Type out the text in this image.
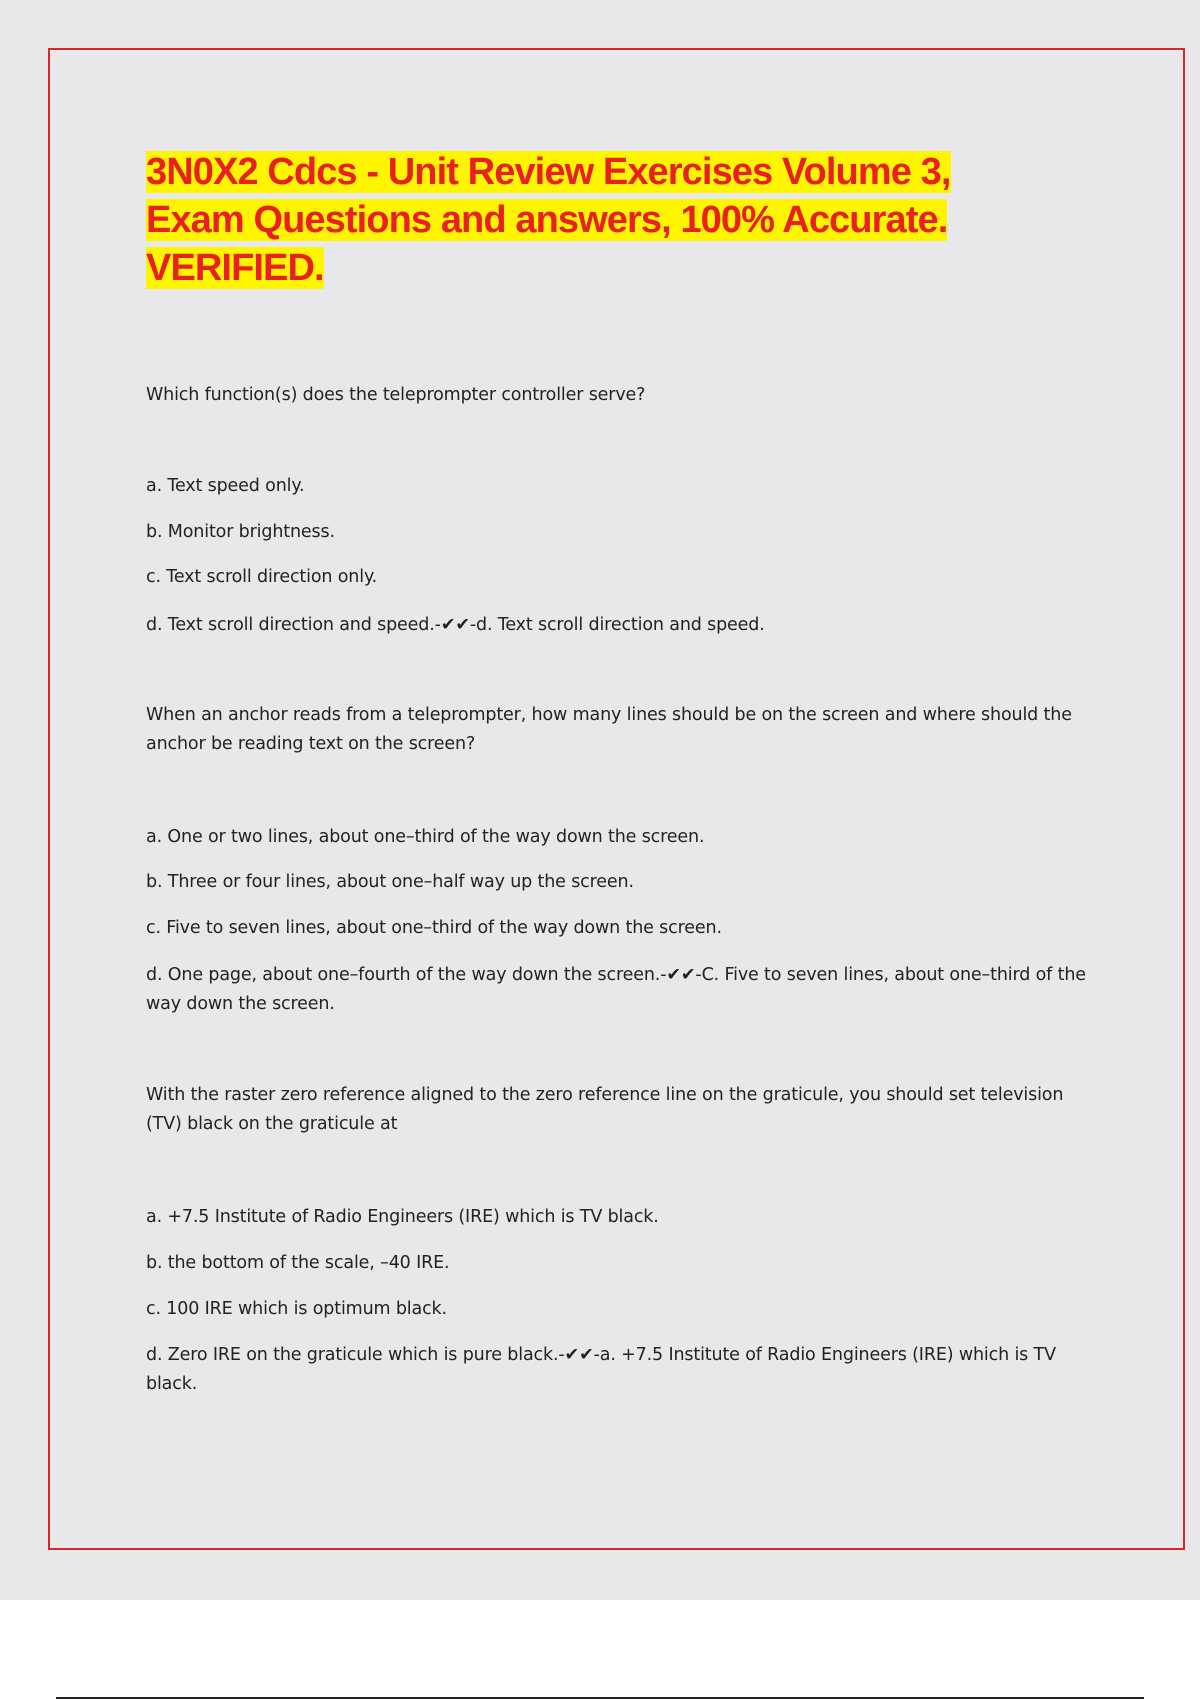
3N0X2 Cdcs - Unit Review Exercises Volume 3, Exam Questions and answers, 100% Accurate. VERIFIED.

Which function(s) does the teleprompter controller serve?

a. Text speed only.

b. Monitor brightness.

c. Text scroll direction only.

d. Text scroll direction and speed.-✔✔-d. Text scroll direction and speed.

When an anchor reads from a teleprompter, how many lines should be on the screen and where should the anchor be reading text on the screen?

a. One or two lines, about one–third of the way down the screen.

b. Three or four lines, about one–half way up the screen.

c. Five to seven lines, about one–third of the way down the screen.

d. One page, about one–fourth of the way down the screen.-✔✔-C. Five to seven lines, about one–third of the way down the screen.

With the raster zero reference aligned to the zero reference line on the graticule, you should set television (TV) black on the graticule at

a. +7.5 Institute of Radio Engineers (IRE) which is TV black.

b. the bottom of the scale, –40 IRE.

c. 100 IRE which is optimum black.

d. Zero IRE on the graticule which is pure black.-✔✔-a. +7.5 Institute of Radio Engineers (IRE) which is TV black.
